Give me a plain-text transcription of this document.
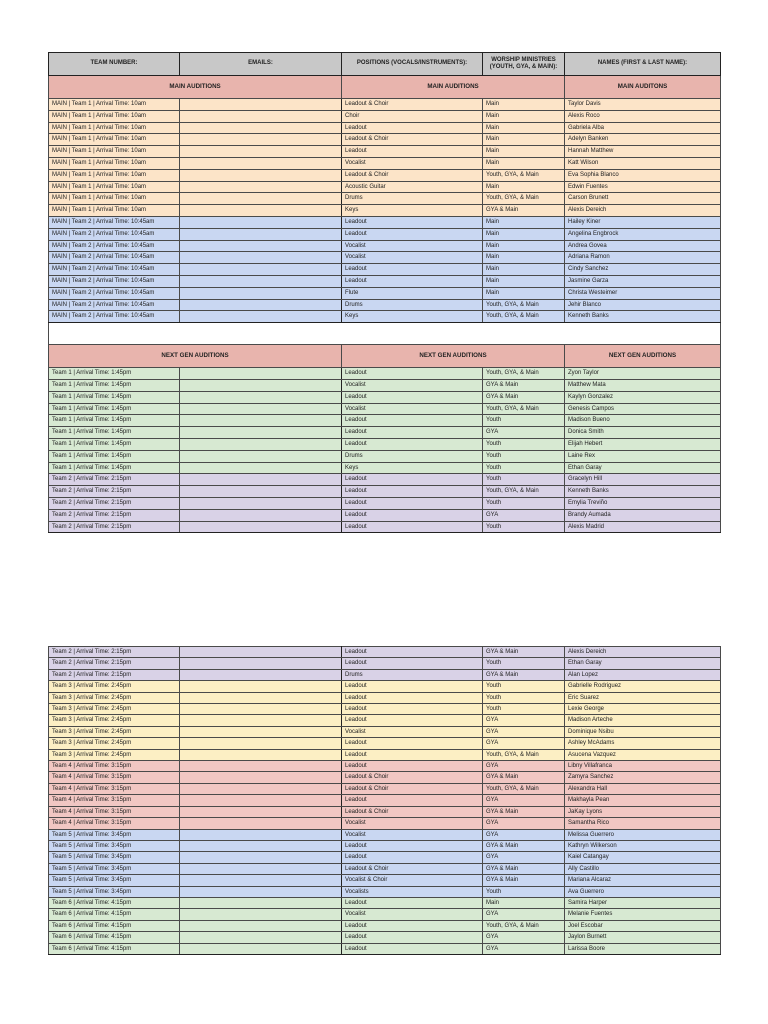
TEAM NUMBER:	EMAILS:	POSITIONS (VOCALS/INSTRUMENTS):	WORSHIP MINISTRIES
(YOUTH, GYA, & MAIN):	NAMES (FIRST & LAST NAME):
MAIN AUDITIONS		MAIN AUDITIONS		MAIN AUDITONS
MAIN | Team 1 | Arrival Time: 10am		Leadout & Choir	Main	Taylor Davis
MAIN | Team 1 | Arrival Time: 10am		Choir	Main	Alexis Roco
MAIN | Team 1 | Arrival Time: 10am		Leadout	Main	Gabriela Alba
MAIN | Team 1 | Arrival Time: 10am		Leadout & Choir	Main	Adelyn Banken
MAIN | Team 1 | Arrival Time: 10am		Leadout	Main	Hannah Matthew
MAIN | Team 1 | Arrival Time: 10am		Vocalist	Main	Katt Wilson
MAIN | Team 1 | Arrival Time: 10am		Leadout & Choir	Youth, GYA, & Main	Eva Sophia Blanco
MAIN | Team 1 | Arrival Time: 10am		Acoustic Guitar	Main	Edwin Fuentes
MAIN | Team 1 | Arrival Time: 10am		Drums	Youth, GYA, & Main	Carson Brunett
MAIN | Team 1 | Arrival Time: 10am		Keys	GYA & Main	Alexis Dereich
MAIN | Team 2 | Arrival Time: 10:45am		Leadout	Main	Hailey Kiner
MAIN | Team 2 | Arrival Time: 10:45am		Leadout	Main	Angelina Engbrock
MAIN | Team 2 | Arrival Time: 10:45am		Vocalist	Main	Andrea Govea
MAIN | Team 2 | Arrival Time: 10:45am		Vocalist	Main	Adriana Ramon
MAIN | Team 2 | Arrival Time: 10:45am		Leadout	Main	Cindy Sanchez
MAIN | Team 2 | Arrival Time: 10:45am		Leadout	Main	Jasmine Garza
MAIN | Team 2 | Arrival Time: 10:45am		Flute	Main	Christa Westeimer
MAIN | Team 2 | Arrival Time: 10:45am		Drums	Youth, GYA, & Main	Jehir Blanco
MAIN | Team 2 | Arrival Time: 10:45am		Keys	Youth, GYA, & Main	Kenneth Banks

NEXT GEN AUDITIONS		NEXT GEN AUDITIONS		NEXT GEN AUDITIONS
Team 1 | Arrival Time: 1:45pm		Leadout	Youth, GYA, & Main	Zyon Taylor
Team 1 | Arrival Time: 1:45pm		Vocalist	GYA & Main	Matthew Mata
Team 1 | Arrival Time: 1:45pm		Leadout	GYA & Main	Kaylyn Gonzalez
Team 1 | Arrival Time: 1:45pm		Vocalist	Youth, GYA, & Main	Genesis Campos
Team 1 | Arrival Time: 1:45pm		Leadout	Youth	Madison Bueno
Team 1 | Arrival Time: 1:45pm		Leadout	GYA	Donica Smith
Team 1 | Arrival Time: 1:45pm		Leadout	Youth	Elijah Hebert
Team 1 | Arrival Time: 1:45pm		Drums	Youth	Laine Rex
Team 1 | Arrival Time: 1:45pm		Keys	Youth	Ethan Garay
Team 2 | Arrival Time: 2:15pm		Leadout	Youth	Gracelyn Hill
Team 2 | Arrival Time: 2:15pm		Leadout	Youth, GYA, & Main	Kenneth Banks
Team 2 | Arrival Time: 2:15pm		Leadout	Youth	Emylia Treviño
Team 2 | Arrival Time: 2:15pm		Leadout	GYA	Brandy Aumada
Team 2 | Arrival Time: 2:15pm		Leadout	Youth	Alexis Madrid
Team 2 | Arrival Time: 2:15pm		Leadout	GYA & Main	Alexis Dereich
Team 2 | Arrival Time: 2:15pm		Leadout	Youth	Ethan Garay
Team 2 | Arrival Time: 2:15pm		Drums	GYA & Main	Alan Lopez
Team 3 | Arrival Time: 2:45pm		Leadout	Youth	Gabrielle Rodriguez
Team 3 | Arrival Time: 2:45pm		Leadout	Youth	Eric Suarez
Team 3 | Arrival Time: 2:45pm		Leadout	Youth	Lexie George
Team 3 | Arrival Time: 2:45pm		Leadout	GYA	Madison Arteche
Team 3 | Arrival Time: 2:45pm		Vocalist	GYA	Dominique Nsibu
Team 3 | Arrival Time: 2:45pm		Leadout	GYA	Ashley McAdams
Team 3 | Arrival Time: 2:45pm		Leadout	Youth, GYA, & Main	Asucena Vazquez
Team 4 | Arrival Time: 3:15pm		Leadout	GYA	Libny Villafranca
Team 4 | Arrival Time: 3:15pm		Leadout & Choir	GYA & Main	Zamyra Sanchez
Team 4 | Arrival Time: 3:15pm		Leadout & Choir	Youth, GYA, & Main	Alexandra Hall
Team 4 | Arrival Time: 3:15pm		Leadout	GYA	Makhayla Pean
Team 4 | Arrival Time: 3:15pm		Leadout & Choir	GYA & Main	JaKay Lyons
Team 4 | Arrival Time: 3:15pm		Vocalist	GYA	Samantha Rico
Team 5 | Arrival Time: 3:45pm		Vocalist	GYA	Melissa Guerrero
Team 5 | Arrival Time: 3:45pm		Leadout	GYA & Main	Kathryn Wilkerson
Team 5 | Arrival Time: 3:45pm		Leadout	GYA	Kaiel Catangay
Team 5 | Arrival Time: 3:45pm		Leadout & Choir	GYA & Main	Ally Castillo
Team 5 | Arrival Time: 3:45pm		Vocalist & Choir	GYA & Main	Mariana Alcaraz
Team 5 | Arrival Time: 3:45pm		Vocalists	Youth	Ava Guerrero
Team 6 | Arrival Time: 4:15pm		Leadout	Main	Samira Harper
Team 6 | Arrival Time: 4:15pm		Vocalist	GYA	Melanie Fuentes
Team 6 | Arrival Time: 4:15pm		Leadout	Youth, GYA, & Main	Joel Escobar
Team 6 | Arrival Time: 4:15pm		Leadout	GYA	Jaylon Burnett
Team 6 | Arrival Time: 4:15pm		Leadout	GYA	Larissa Boore
